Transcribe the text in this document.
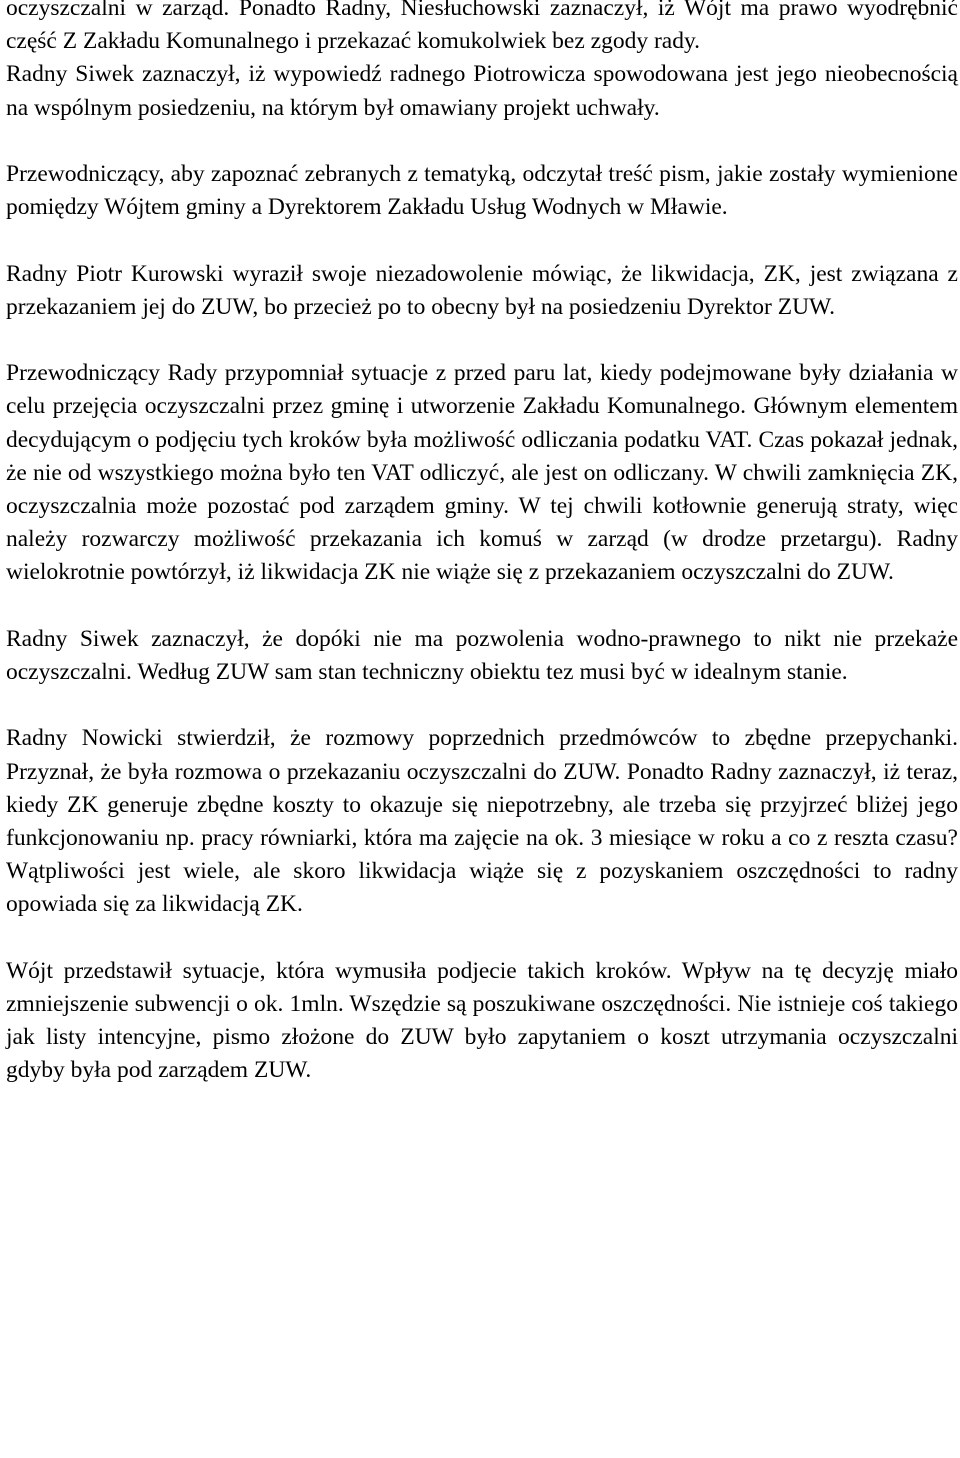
oczyszczalni w zarząd. Ponadto Radny, Niesłuchowski zaznaczył, iż Wójt ma prawo wyodrębnić część Z Zakładu Komunalnego i przekazać komukolwiek bez zgody rady.
Radny Siwek zaznaczył, iż wypowiedź radnego Piotrowicza spowodowana jest jego nieobecnością na wspólnym posiedzeniu, na którym był omawiany projekt uchwały.

Przewodniczący, aby zapoznać zebranych z tematyką, odczytał treść pism, jakie zostały wymienione pomiędzy Wójtem gminy a Dyrektorem Zakładu Usług Wodnych w Mławie.

Radny Piotr Kurowski wyraził swoje niezadowolenie mówiąc, że likwidacja, ZK, jest związana z przekazaniem jej do ZUW, bo przecież po to obecny był na posiedzeniu Dyrektor ZUW.

Przewodniczący Rady przypomniał sytuacje z przed paru lat, kiedy podejmowane były działania w celu przejęcia oczyszczalni przez gminę i utworzenie Zakładu Komunalnego. Głównym elementem decydującym o podjęciu tych kroków była możliwość odliczania podatku VAT. Czas pokazał jednak, że nie od wszystkiego można było ten VAT odliczyć, ale jest on odliczany. W chwili zamknięcia ZK, oczyszczalnia może pozostać pod zarządem gminy. W tej chwili kotłownie generują straty, więc należy rozwarczy możliwość przekazania ich komuś w zarząd (w drodze przetargu). Radny wielokrotnie powtórzył, iż likwidacja ZK nie wiąże się z przekazaniem oczyszczalni do ZUW.

Radny Siwek zaznaczył, że dopóki nie ma pozwolenia wodno-prawnego to nikt nie przekaże oczyszczalni. Według ZUW sam stan techniczny obiektu tez musi być w idealnym stanie.

Radny Nowicki stwierdził, że rozmowy poprzednich przedmówców to zbędne przepychanki. Przyznał, że była rozmowa o przekazaniu oczyszczalni do ZUW. Ponadto Radny zaznaczył, iż teraz, kiedy ZK generuje zbędne koszty to okazuje się niepotrzebny, ale trzeba się przyjrzeć bliżej jego funkcjonowaniu np. pracy równiarki, która ma zajęcie na ok. 3 miesiące w roku a co z reszta czasu? Wątpliwości jest wiele, ale skoro likwidacja wiąże się z pozyskaniem oszczędności to radny opowiada się za likwidacją ZK.

Wójt przedstawił sytuacje, która wymusiła podjecie takich kroków. Wpływ na tę decyzję miało zmniejszenie subwencji o ok. 1mln. Wszędzie są poszukiwane oszczędności. Nie istnieje coś takiego jak listy intencyjne, pismo złożone do ZUW było zapytaniem o koszt utrzymania oczyszczalni gdyby była pod zarządem ZUW.
